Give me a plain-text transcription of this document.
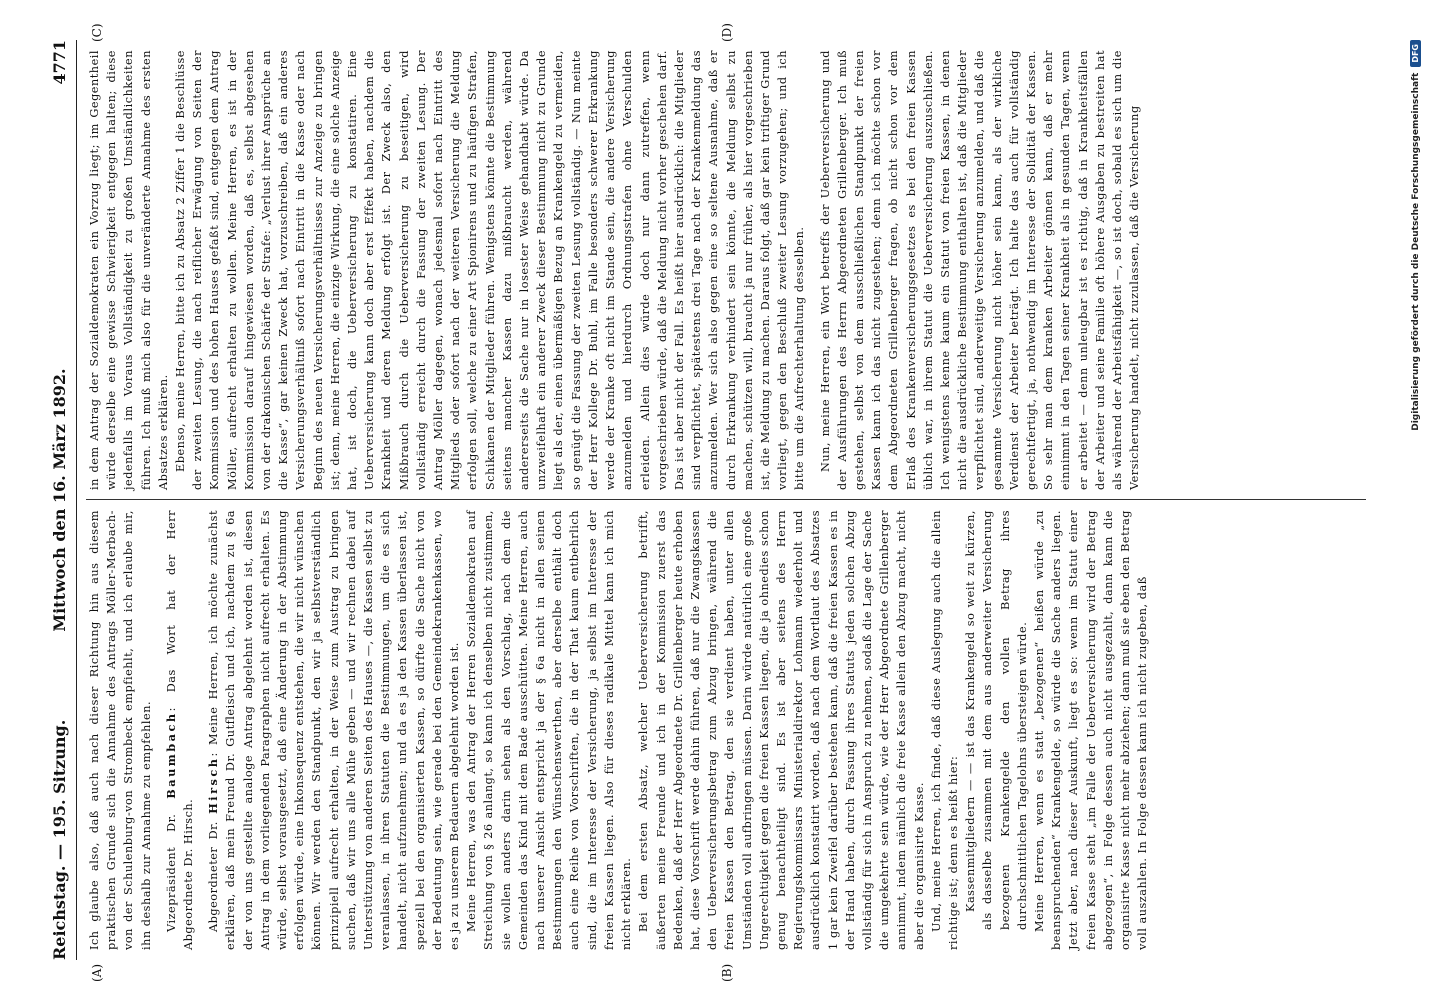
Reichstag. — 195. Sitzung.
Mittwoch den 16. März 1892.
4771
(A)	(B)
(C)	(D)

Ich glaube also, daß auch nach dieser Richtung hin aus diesem praktischen Grunde sich die Annahme des Antrags Möller-Merbach-von der Schulenburg-von Strombeck empfiehlt, und ich erlaube mir, ihn deshalb zur Annahme zu empfehlen. Vizepräsident Dr. Baumbach: Das Wort hat der Herr Abgeordnete Dr. Hirsch. Abgeordneter Dr. Hirsch: Meine Herren, ich möchte zunächst erklären, daß mein Freund Dr. Gutfleisch und ich, nachdem zu § 6a der von uns gestellte analoge Antrag abgelehnt worden ist, diesen Antrag in dem vorliegenden Paragraphen nicht aufrecht erhalten. Es würde, selbst vorausgesetzt, daß eine Änderung in der Abstimmung erfolgen würde, eine Inkonsequenz entstehen, die wir nicht wünschen können. Wir werden den Standpunkt, den wir ja selbstverständlich prinzipiell aufrecht erhalten, in der Weise zum Austrag zu bringen suchen, daß wir uns alle Mühe geben — und wir rechnen dabei auf Unterstützung von anderen Seiten des Hauses —, die Kassen selbst zu veranlassen, in ihren Statuten die Bestimmungen, um die es sich handelt, nicht aufzunehmen; und da es ja den Kassen überlassen ist, speziell bei den organisierten Kassen, so dürfte die Sache nicht von der Bedeutung sein, wie gerade bei den Gemeindekrankenkassen, wo es ja zu unserem Bedauern abgelehnt worden ist. Meine Herren, was den Antrag der Herren Sozialdemokraten auf Streichung von § 26 anlangt, so kann ich denselben nicht zustimmen, sie wollen anders darin sehen als den Vorschlag, nach dem die Gemeinden das Kind mit dem Bade ausschütten. Meine Herren, auch nach unserer Ansicht entspricht ja der § 6a nicht in allen seinen Bestimmungen den Wünschenswerthen, aber derselbe enthält doch auch eine Reihe von Vorschriften, die in der That kaum entbehrlich sind, die im Interesse der Versicherung, ja selbst im Interesse der freien Kassen liegen. Also für dieses radikale Mittel kann ich mich nicht erklären. Bei dem ersten Absatz, welcher Ueberversicherung betrifft, äußerten meine Freunde und ich in der Kommission zuerst das Bedenken, daß der Herr Abgeordnete Dr. Grillenberger heute erhoben hat, diese Vorschrift werde dahin führen, daß nur die Zwangskassen den Ueberversicherungsbetrag zum Abzug bringen, während die freien Kassen den Betrag, den sie verdient haben, unter allen Umständen voll aufbringen müssen. Darin würde natürlich eine große Ungerechtigkeit gegen die freien Kassen liegen, die ja ohnedies schon genug benachtheiligt sind. Es ist aber seitens des Herrn Regierungskommissars Ministerialdirektor Lohmann wiederholt und ausdrücklich konstatirt worden, daß nach dem Wortlaut des Absatzes 1 gar kein Zweifel darüber bestehen kann, daß die freien Kassen es in der Hand haben, durch Fassung ihres Statuts jeden solchen Abzug vollständig für sich in Anspruch zu nehmen, sodaß die Lage der Sache die umgekehrte sein würde, wie der Herr Abgeordnete Grillenberger annimmt, indem nämlich die freie Kasse allein den Abzug macht, nicht aber die organisirte Kasse. Und, meine Herren, ich finde, daß diese Auslegung auch die allein richtige ist; denn es heißt hier: Kassenmitgliedern — — ist das Krankengeld so weit zu kürzen, als dasselbe zusammen mit dem aus anderweiter Versicherung bezogenen Krankengelde den vollen Betrag ihres durchschnittlichen Tagelohns übersteigen würde. Meine Herren, wenn es statt „bezogenen“ heißen würde „zu beanspruchenden“ Krankengelde, so würde die Sache anders liegen. Jetzt aber, nach dieser Auskunft, liegt es so: wenn im Statut einer freien Kasse steht „im Falle der Ueberversicherung wird der Betrag abgezogen“, in Folge dessen auch nicht ausgezahlt, dann kann die organisirte Kasse nicht mehr abziehen; dann muß sie eben den Betrag voll auszahlen. In Folge dessen kann ich nicht zugeben, daß

in dem Antrag der Sozialdemokraten ein Vorzug liegt; im Gegentheil würde derselbe eine gewisse Schwierigkeit entgegen halten; diese jedenfalls im Voraus Vollständigkeit zu großen Umständlichkeiten führen. Ich muß mich also für die unveränderte Annahme des ersten Absatzes erklären. Ebenso, meine Herren, bitte ich zu Absatz 2 Ziffer 1 die Beschlüsse der zweiten Lesung, die nach reiflicher Erwägung von Seiten der Kommission und des hohen Hauses gefaßt sind, entgegen dem Antrag Möller, aufrecht erhalten zu wollen. Meine Herren, es ist in der Kommission darauf hingewiesen worden, daß es, selbst abgesehen von der drakonischen Schärfe der Strafe: „Verlust ihrer Ansprüche an die Kasse“, gar keinen Zweck hat, vorzuschreiben, daß ein anderes Versicherungsverhältniß sofort nach Eintritt in die Kasse oder nach Beginn des neuen Versicherungsverhältnisses zur Anzeige zu bringen ist; denn, meine Herren, die einzige Wirkung, die eine solche Anzeige hat, ist doch, die Ueberversicherung zu konstatiren. Eine Ueberversicherung kann doch aber erst Effekt haben, nachdem die Krankheit und deren Meldung erfolgt ist. Der Zweck also, den Mißbrauch durch die Ueberversicherung zu beseitigen, wird vollständig erreicht durch die Fassung der zweiten Lesung. Der Antrag Möller dagegen, wonach jedesmal sofort nach Eintritt des Mitglieds oder sofort nach der weiteren Versicherung die Meldung erfolgen soll, welche zu einer Art Spionirens und zu häufigen Strafen, Schikanen der Mitglieder führen. Wenigstens könnte die Bestimmung seitens mancher Kassen dazu mißbraucht werden, während andererseits die Sache nur in losester Weise gehandhabt würde. Da unzweifelhaft ein anderer Zweck dieser Bestimmung nicht zu Grunde liegt als der, einen übermäßigen Bezug an Krankengeld zu vermeiden, so genügt die Fassung der zweiten Lesung vollständig. — Nun meinte der Herr Kollege Dr. Buhl, im Falle besonders schwerer Erkrankung werde der Kranke oft nicht im Stande sein, die andere Versicherung anzumelden und hierdurch Ordnungsstrafen ohne Verschulden erleiden. Allein dies würde doch nur dann zutreffen, wenn vorgeschrieben würde, daß die Meldung nicht vorher geschehen darf. Das ist aber nicht der Fall. Es heißt hier ausdrücklich: die Mitglieder sind verpflichtet, spätestens drei Tage nach der Krankenmeldung das anzumelden. Wer sich also gegen eine so seltene Ausnahme, daß er durch Erkrankung verhindert sein könnte, die Meldung selbst zu machen, schützen will, braucht ja nur früher, als hier vorgeschrieben ist, die Meldung zu machen. Daraus folgt, daß gar kein triftiger Grund vorliegt, gegen den Beschluß zweiter Lesung vorzugehen; und ich bitte um die Aufrechterhaltung desselben. Nun, meine Herren, ein Wort betreffs der Ueberversicherung und der Ausführungen des Herrn Abgeordneten Grillenberger. Ich muß gestehen, selbst von dem ausschließlichen Standpunkt der freien Kassen kann ich das nicht zugestehen; denn ich möchte schon vor dem Abgeordneten Grillenberger fragen, ob nicht schon vor dem Erlaß des Krankenversicherungsgesetzes es bei den freien Kassen üblich war, in ihrem Statut die Ueberversicherung auszuschließen. Ich wenigstens kenne kaum ein Statut von freien Kassen, in denen nicht die ausdrückliche Bestimmung enthalten ist, daß die Mitglieder verpflichtet sind, anderweitige Versicherung anzumelden, und daß die gesammte Versicherung nicht höher sein kann, als der wirkliche Verdienst der Arbeiter beträgt. Ich halte das auch für vollständig gerechtfertigt, ja, nothwendig im Interesse der Solidität der Kassen. So sehr man dem kranken Arbeiter gönnen kann, daß er mehr einnimmt in den Tagen seiner Krankheit als in gesunden Tagen, wenn er arbeitet — denn unleugbar ist es richtig, daß in Krankheitsfällen der Arbeiter und seine Familie oft höhere Ausgaben zu bestreiten hat als während der Arbeitsfähigkeit —, so ist doch, sobald es sich um die Versicherung handelt, nicht zuzulassen, daß die Versicherung	Digitalisierung gefördert durch die Deutsche ForschungsgemeinschaftDFG
